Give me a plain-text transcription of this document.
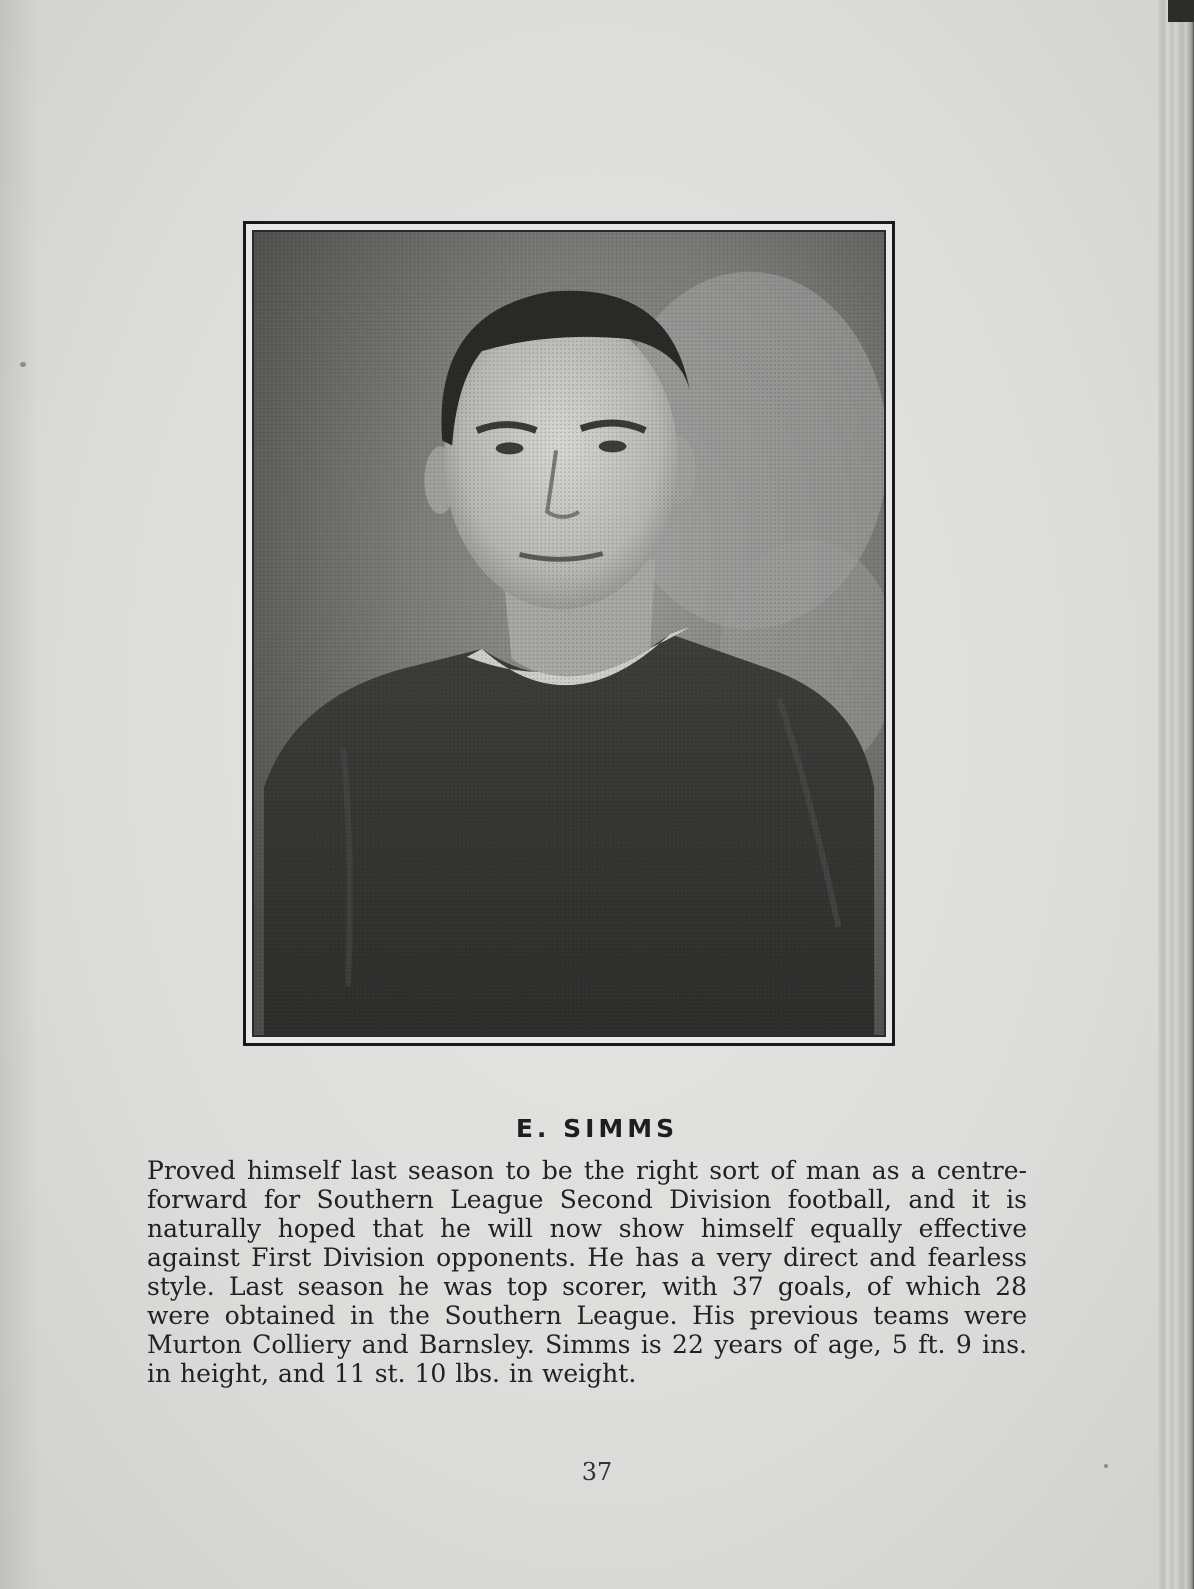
E. SIMMS
Proved himself last season to be the right sort of man as a centre-forward for Southern League Second Division football, and it is naturally hoped that he will now show himself equally effective against First Division opponents. He has a very direct and fearless style. Last season he was top scorer, with 37 goals, of which 28 were obtained in the Southern League. His previous teams were Murton Colliery and Barnsley. Simms is 22 years of age, 5 ft. 9 ins. in height, and 11 st. 10 lbs. in weight.
37
